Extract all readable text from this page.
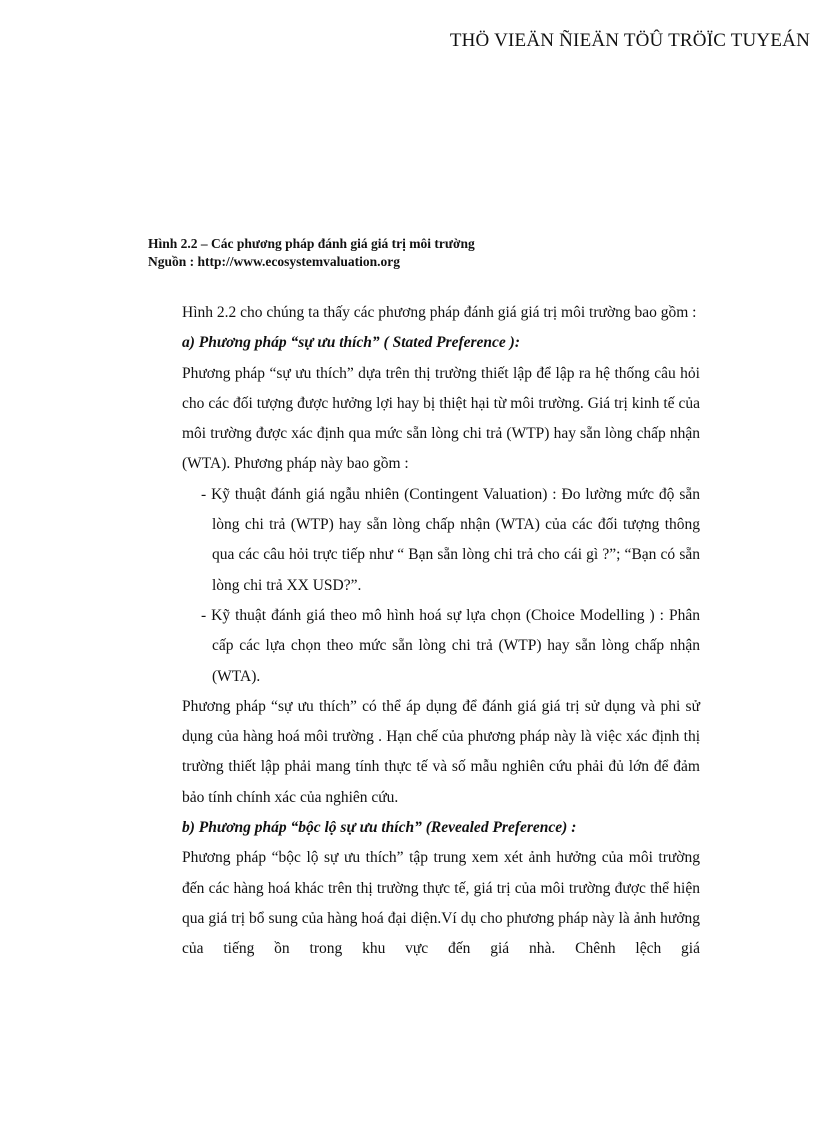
THÖ VIEÄN ÑIEÄN TÖÛ TRÖÏC TUYEÁN
Hình 2.2 – Các phương pháp đánh giá giá trị môi trường
Nguồn : http://www.ecosystemvaluation.org

Hình 2.2 cho chúng ta thấy các phương pháp đánh giá giá trị môi trường bao gồm :

a) Phương pháp “sự ưu thích” ( Stated Preference ):

Phương pháp “sự ưu thích” dựa trên thị trường thiết lập để lập ra hệ thống câu hỏi cho các đối tượng được hưởng lợi hay bị thiệt hại từ môi trường. Giá trị kinh tế của môi trường được xác định qua mức sẵn lòng chi trả (WTP) hay sẵn lòng chấp nhận (WTA). Phương pháp này bao gồm :

- Kỹ thuật đánh giá ngẫu nhiên (Contingent Valuation) : Đo lường mức độ sẵn lòng chi trả (WTP) hay sẵn lòng chấp nhận (WTA) của các đối tượng thông qua các câu hỏi trực tiếp như “ Bạn sẵn lòng chi trả cho cái gì ?”; “Bạn có sẵn lòng chi trả XX USD?”.

- Kỹ thuật đánh giá theo mô hình hoá sự lựa chọn (Choice Modelling ) : Phân cấp các lựa chọn theo mức sẵn lòng chi trả (WTP) hay sẵn lòng chấp nhận (WTA).

Phương pháp “sự ưu thích” có thể áp dụng để đánh giá giá trị sử dụng và phi sử dụng của hàng hoá môi trường . Hạn chế của phương pháp này là việc xác định thị trường thiết lập phải mang tính thực tế và số mẫu nghiên cứu phải đủ lớn để đảm bảo tính chính xác của nghiên cứu.

b) Phương pháp “bộc lộ sự ưu thích” (Revealed Preference) :

Phương pháp “bộc lộ sự ưu thích” tập trung xem xét ảnh hưởng của môi trường đến các hàng hoá khác trên thị trường thực tế, giá trị của môi trường được thể hiện qua giá trị bổ sung của hàng hoá đại diện.Ví dụ cho phương pháp này là ảnh hưởng của tiếng ồn trong khu vực đến giá nhà. Chênh lệch giá
